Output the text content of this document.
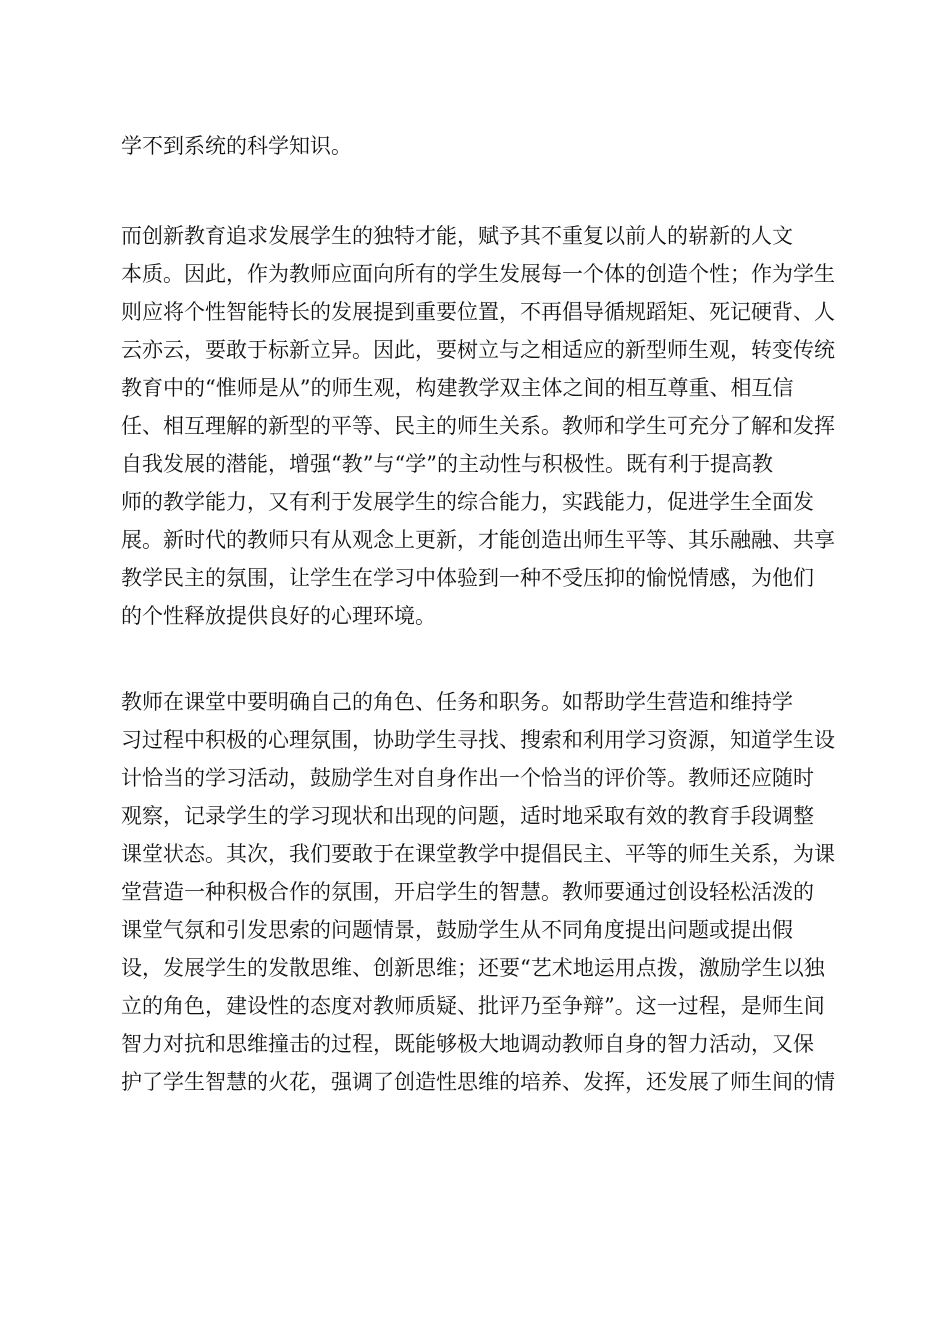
学不到系统的科学知识。
而创新教育追求发展学生的独特才能，赋予其不重复以前人的崭新的人文
本质。因此，作为教师应面向所有的学生发展每一个体的创造个性；作为学生
则应将个性智能特长的发展提到重要位置，不再倡导循规蹈矩、死记硬背、人
云亦云，要敢于标新立异。因此，要树立与之相适应的新型师生观，转变传统
教育中的“惟师是从”的师生观，构建教学双主体之间的相互尊重、相互信
任、相互理解的新型的平等、民主的师生关系。教师和学生可充分了解和发挥
自我发展的潜能，增强“教”与“学”的主动性与积极性。既有利于提高教
师的教学能力，又有利于发展学生的综合能力，实践能力，促进学生全面发
展。新时代的教师只有从观念上更新，才能创造出师生平等、其乐融融、共享
教学民主的氛围，让学生在学习中体验到一种不受压抑的愉悦情感，为他们
的个性释放提供良好的心理环境。
教师在课堂中要明确自己的角色、任务和职务。如帮助学生营造和维持学
习过程中积极的心理氛围，协助学生寻找、搜索和利用学习资源，知道学生设
计恰当的学习活动，鼓励学生对自身作出一个恰当的评价等。教师还应随时
观察，记录学生的学习现状和出现的问题，适时地采取有效的教育手段调整
课堂状态。其次，我们要敢于在课堂教学中提倡民主、平等的师生关系，为课
堂营造一种积极合作的氛围，开启学生的智慧。教师要通过创设轻松活泼的
课堂气氛和引发思索的问题情景，鼓励学生从不同角度提出问题或提出假
设，发展学生的发散思维、创新思维；还要“艺术地运用点拨，激励学生以独
立的角色，建设性的态度对教师质疑、批评乃至争辩”。这一过程，是师生间
智力对抗和思维撞击的过程，既能够极大地调动教师自身的智力活动，又保
护了学生智慧的火花，强调了创造性思维的培养、发挥，还发展了师生间的情
